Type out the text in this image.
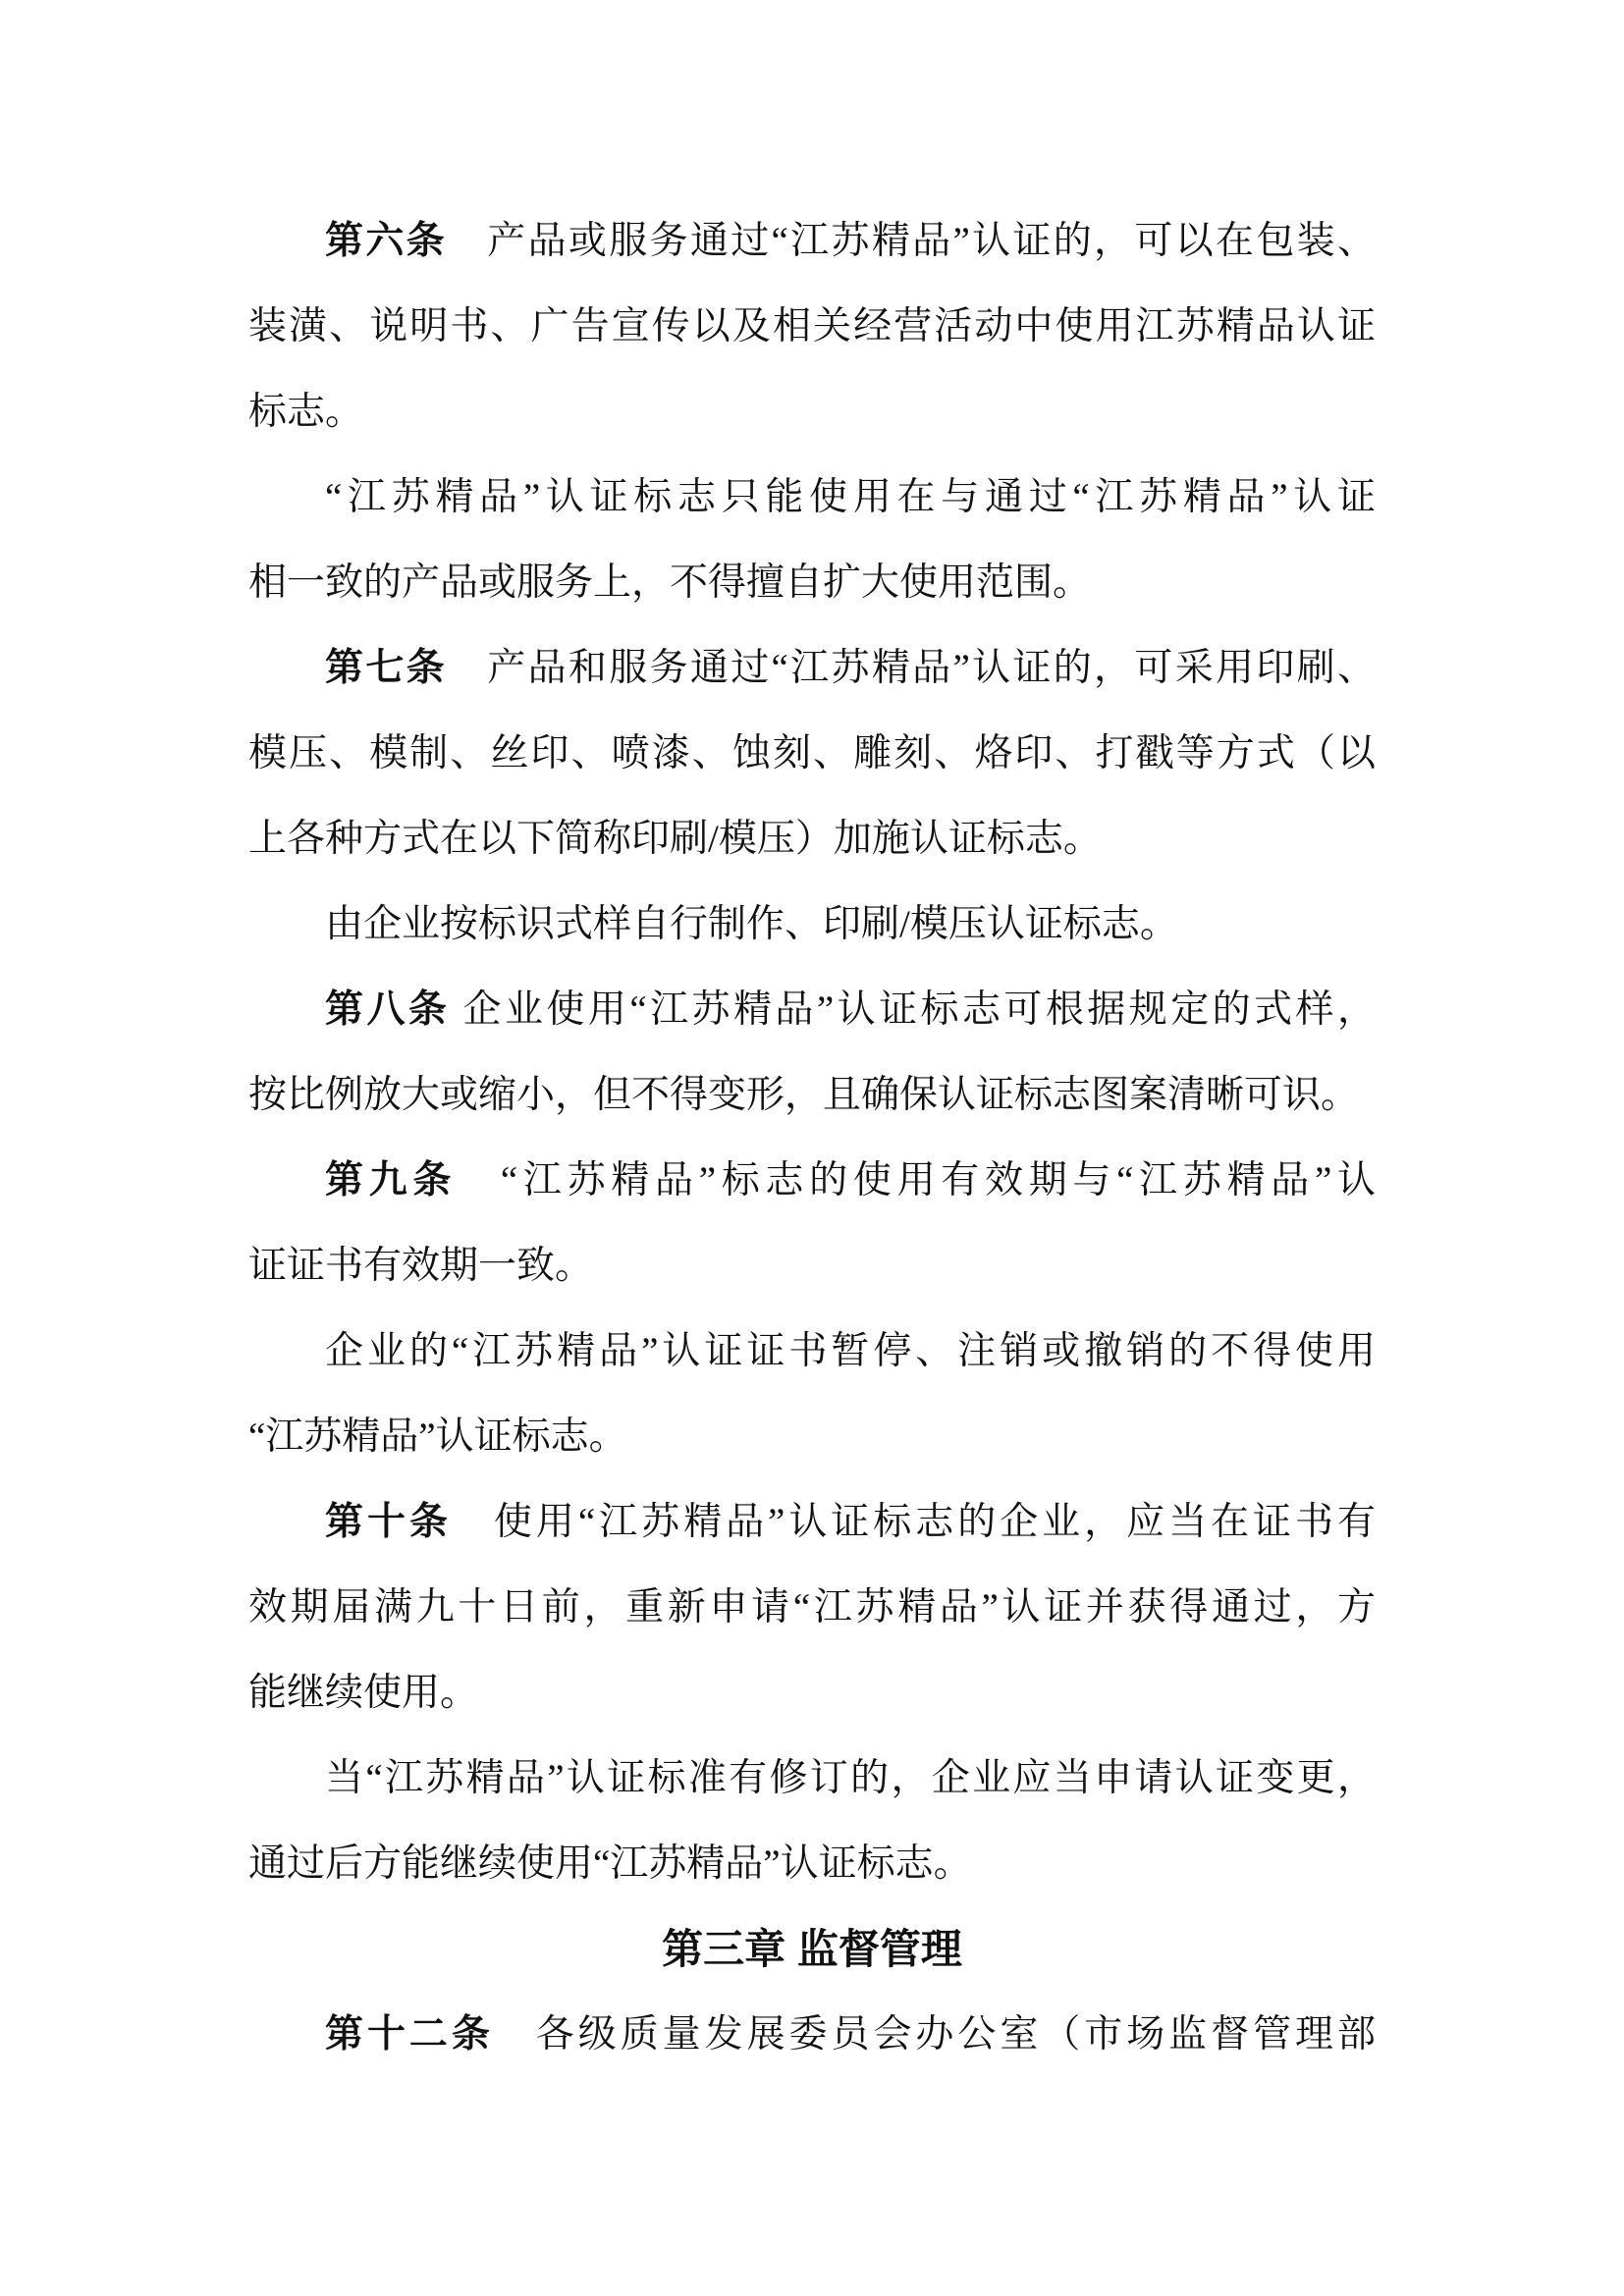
第六条　产品或服务通过“江苏精品”认证的，可以在包装、
装潢、说明书、广告宣传以及相关经营活动中使用江苏精品认证
标志。
“江苏精品”认证标志只能使用在与通过“江苏精品”认证
相一致的产品或服务上，不得擅自扩大使用范围。
第七条　产品和服务通过“江苏精品”认证的，可采用印刷、
模压、模制、丝印、喷漆、蚀刻、雕刻、烙印、打戳等方式（以
上各种方式在以下简称印刷/模压）加施认证标志。
由企业按标识式样自行制作、印刷/模压认证标志。
第八条 企业使用“江苏精品”认证标志可根据规定的式样，
按比例放大或缩小，但不得变形，且确保认证标志图案清晰可识。
第九条　“江苏精品”标志的使用有效期与“江苏精品”认
证证书有效期一致。
企业的“江苏精品”认证证书暂停、注销或撤销的不得使用
“江苏精品”认证标志。
第十条　使用“江苏精品”认证标志的企业，应当在证书有
效期届满九十日前，重新申请“江苏精品”认证并获得通过，方
能继续使用。
当“江苏精品”认证标准有修订的，企业应当申请认证变更，
通过后方能继续使用“江苏精品”认证标志。
第三章 监督管理
第十二条　各级质量发展委员会办公室（市场监督管理部
